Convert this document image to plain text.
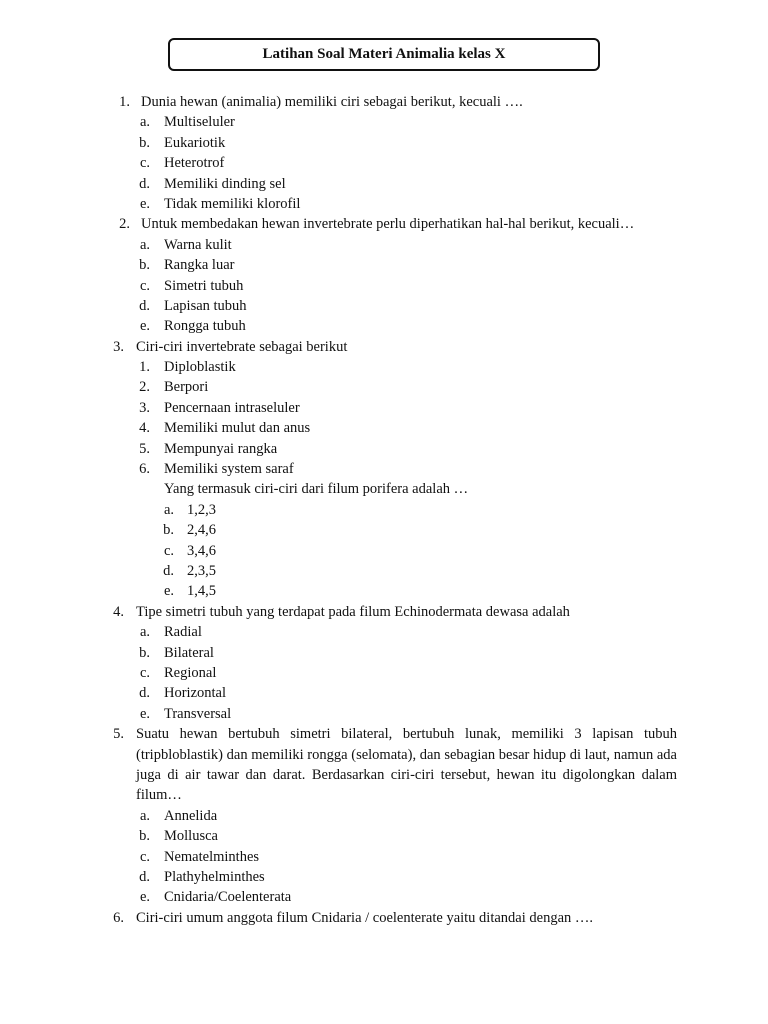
Latihan Soal Materi Animalia kelas X
1. Dunia hewan (animalia) memiliki ciri sebagai berikut, kecuali ….
a. Multiseluler
b. Eukariotik
c. Heterotrof
d. Memiliki dinding sel
e. Tidak memiliki klorofil
2. Untuk membedakan hewan invertebrate perlu diperhatikan hal-hal berikut, kecuali…
a. Warna kulit
b. Rangka luar
c. Simetri tubuh
d. Lapisan tubuh
e. Rongga tubuh
3. Ciri-ciri invertebrate sebagai berikut
1. Diploblastik
2. Berpori
3. Pencernaan intraseluler
4. Memiliki mulut dan anus
5. Mempunyai rangka
6. Memiliki system saraf
Yang termasuk ciri-ciri dari filum porifera adalah …
a. 1,2,3
b. 2,4,6
c. 3,4,6
d. 2,3,5
e. 1,4,5
4. Tipe simetri tubuh yang terdapat pada filum Echinodermata dewasa adalah
a. Radial
b. Bilateral
c. Regional
d. Horizontal
e. Transversal
5. Suatu hewan bertubuh simetri bilateral, bertubuh lunak, memiliki 3 lapisan tubuh (tripbloblastik) dan memiliki rongga (selomata), dan sebagian besar hidup di laut, namun ada juga di air tawar dan darat. Berdasarkan ciri-ciri tersebut, hewan itu digolongkan dalam filum…
a. Annelida
b. Mollusca
c. Nematelminthes
d. Plathyhelminthes
e. Cnidaria/Coelenterata
6. Ciri-ciri umum anggota filum Cnidaria / coelenterate yaitu ditandai dengan ….
